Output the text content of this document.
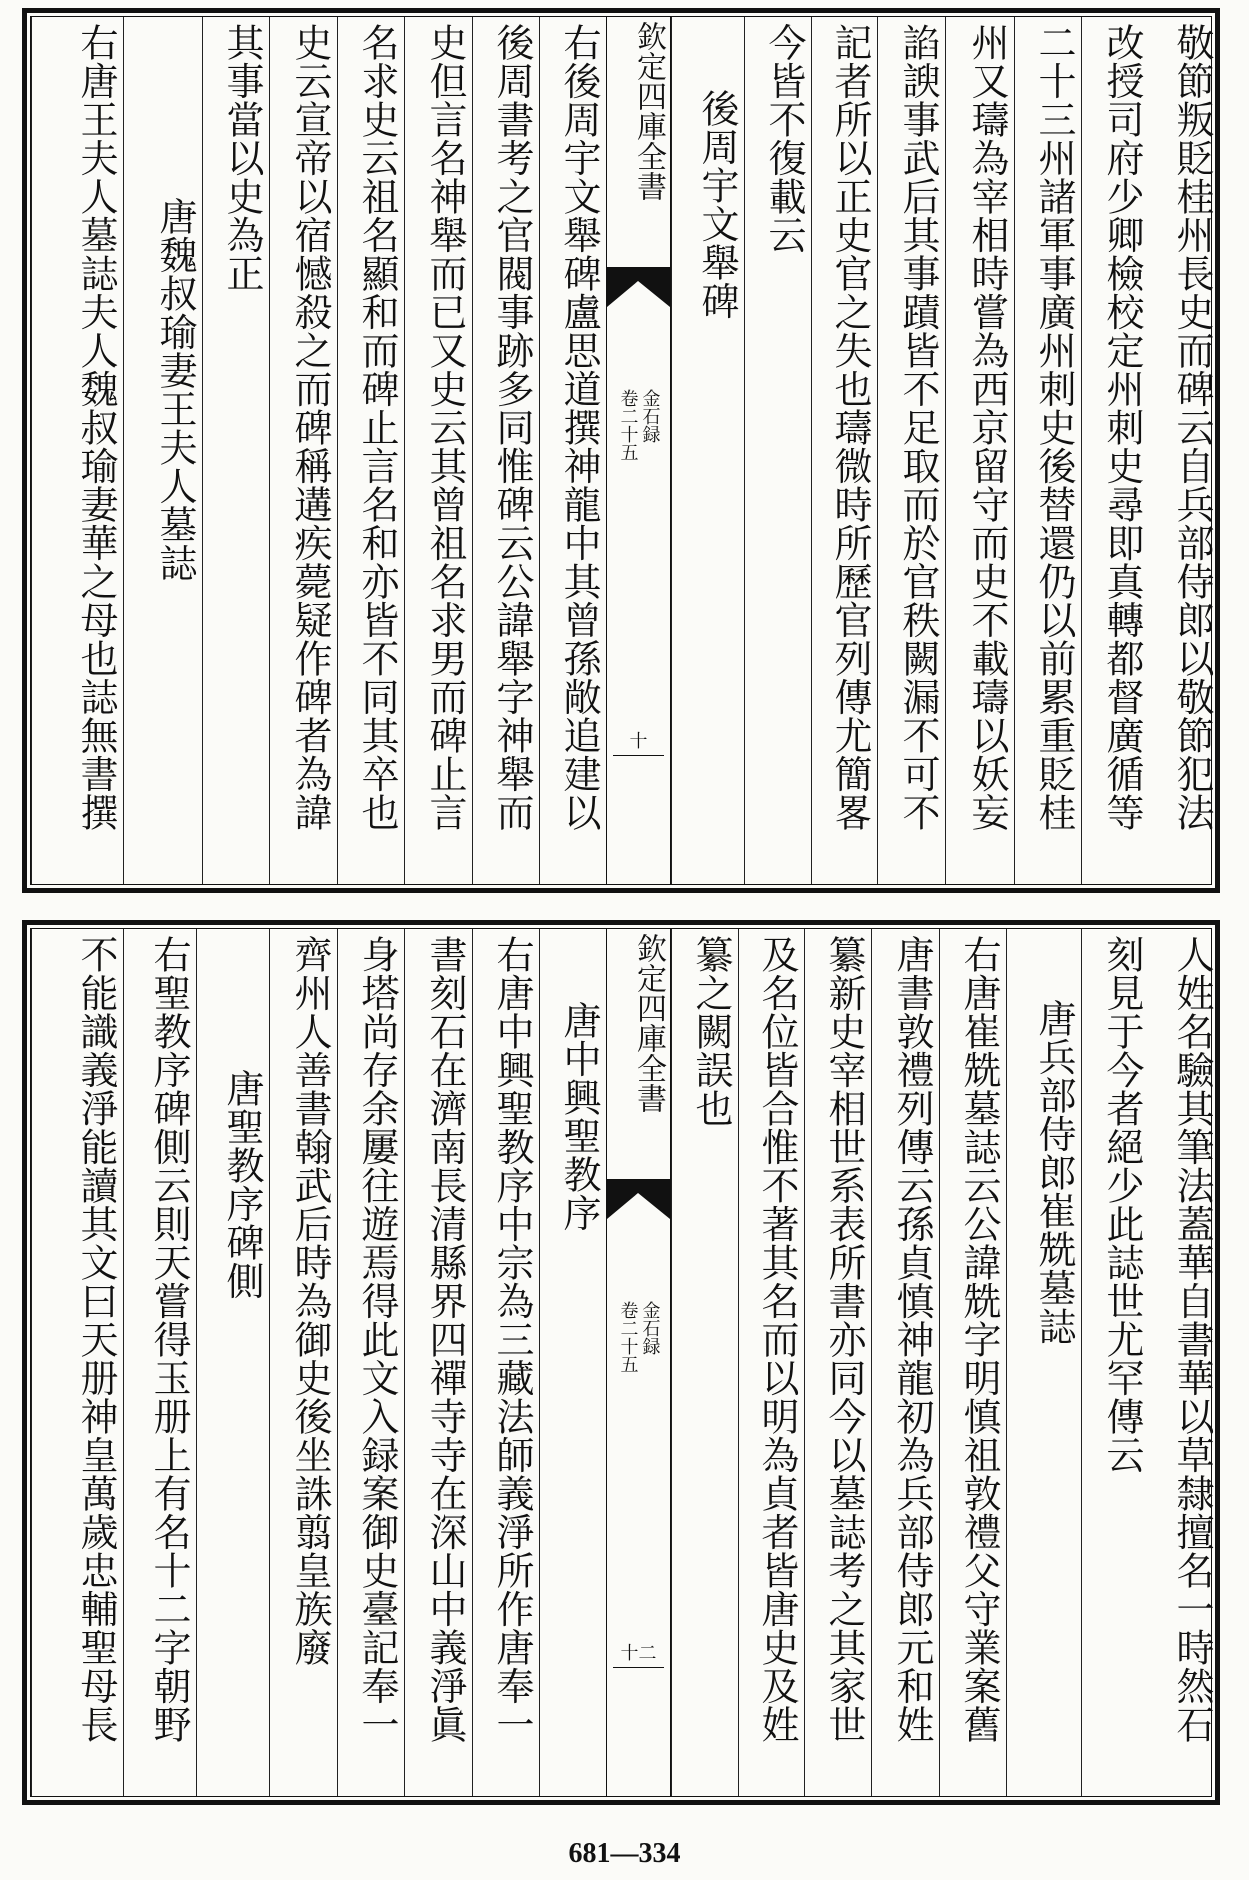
敬節叛貶桂州長史而碑云自兵部侍郎以敬節犯法
改授司府少卿檢校定州刺史尋即真轉都督廣循等
二十三州諸軍事廣州刺史後替還仍以前累重貶桂
州又璹為宰相時嘗為西京留守而史不載璹以妖妄
諂諛事武后其事蹟皆不足取而於官秩闕漏不可不
記者所以正史官之失也璹微時所歷官列傳尤簡畧
今皆不復載云
後周宇文舉碑
欽定四庫全書
金石録
卷二十五
十
右後周宇文舉碑盧思道撰神龍中其曾孫敞追建以
後周書考之官閥事跡多同惟碑云公諱舉字神舉而
史但言名神舉而已又史云其曾祖名求男而碑止言
名求史云祖名顯和而碑止言名和亦皆不同其卒也
史云宣帝以宿憾殺之而碑稱遘疾薨疑作碑者為諱
其事當以史為正
唐魏叔瑜妻王夫人墓誌
右唐王夫人墓誌夫人魏叔瑜妻華之母也誌無書撰
人姓名驗其筆法蓋華自書華以草隸擅名一時然石
刻見于今者絕少此誌世尤罕傳云
唐兵部侍郎崔兟墓誌
右唐崔兟墓誌云公諱兟字明慎祖敦禮父守業案舊
唐書敦禮列傳云孫貞慎神龍初為兵部侍郎元和姓
纂新史宰相世系表所書亦同今以墓誌考之其家世
及名位皆合惟不著其名而以明為貞者皆唐史及姓
纂之闕誤也
欽定四庫全書
金石録
卷二十五
十二
唐中興聖教序
右唐中興聖教序中宗為三藏法師義淨所作唐奉一
書刻石在濟南長清縣界四禪寺寺在深山中義淨眞
身塔尚存余屢往遊焉得此文入録案御史臺記奉一
齊州人善書翰武后時為御史後坐誅翦皇族廢
唐聖教序碑側
右聖教序碑側云則天嘗得玉册上有名十二字朝野
不能識義淨能讀其文曰天册神皇萬歲忠輔聖母長
681—334
